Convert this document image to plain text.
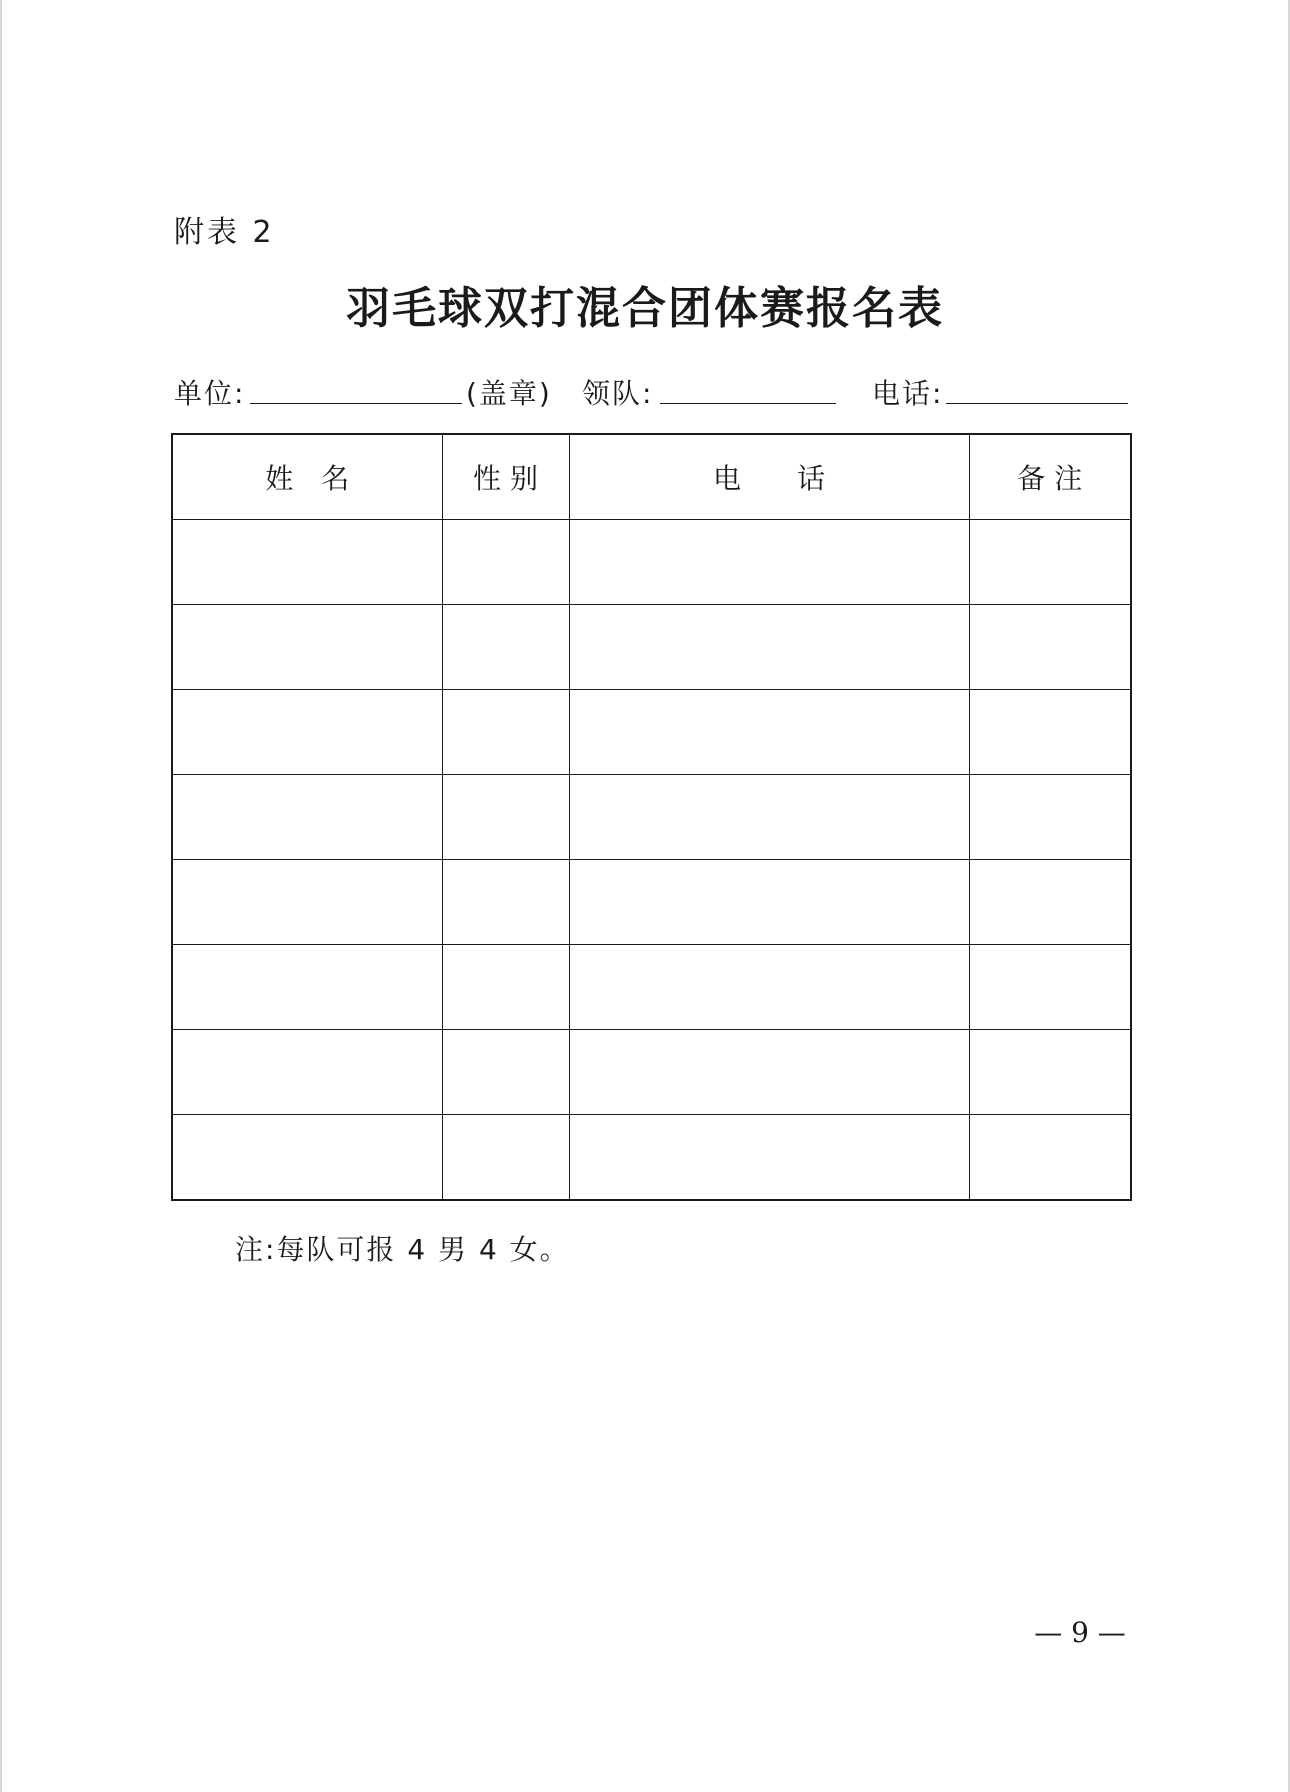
附表 2
羽毛球双打混合团体赛报名表
单位:	(盖章) 领队:	电话:
姓　名	性 别	电　　话	备 注

注:每队可报 4 男 4 女。
— 9 —
